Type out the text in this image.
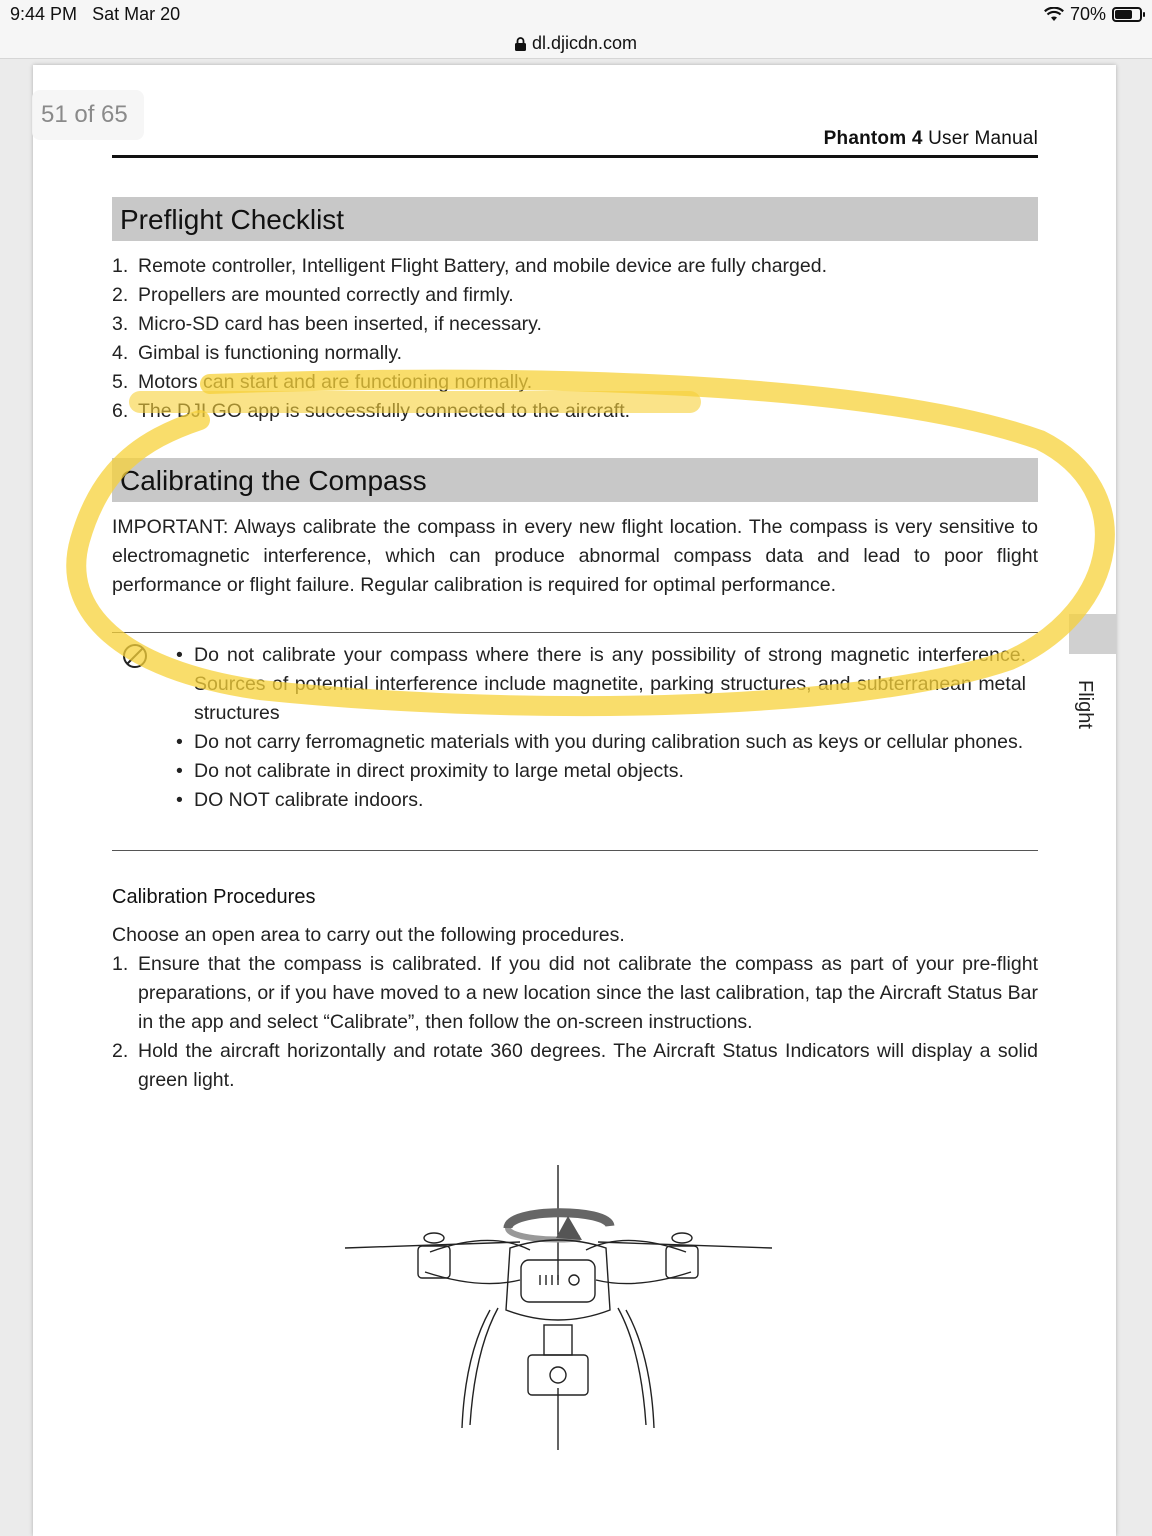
9:44 PM Sat Mar 20	70%
dl.djicdn.com
51 of 65
Phantom 4 User Manual
Preflight Checklist
1. Remote controller, Intelligent Flight Battery, and mobile device are fully charged.
2. Propellers are mounted correctly and firmly.
3. Micro-SD card has been inserted, if necessary.
4. Gimbal is functioning normally.
5. Motors can start and are functioning normally.
6. The DJI GO app is successfully connected to the aircraft.
Calibrating the Compass
IMPORTANT: Always calibrate the compass in every new flight location. The compass is very sensitive to electromagnetic interference, which can produce abnormal compass data and lead to poor flight performance or flight failure. Regular calibration is required for optimal performance.
• Do not calibrate your compass where there is any possibility of strong magnetic interference. Sources of potential interference include magnetite, parking structures, and subterranean metal structures
• Do not carry ferromagnetic materials with you during calibration such as keys or cellular phones.
• Do not calibrate in direct proximity to large metal objects.
• DO NOT calibrate indoors.
Calibration Procedures
Choose an open area to carry out the following procedures.
1. Ensure that the compass is calibrated. If you did not calibrate the compass as part of your pre-flight preparations, or if you have moved to a new location since the last calibration, tap the Aircraft Status Bar in the app and select “Calibrate”, then follow the on-screen instructions.
2. Hold the aircraft horizontally and rotate 360 degrees. The Aircraft Status Indicators will display a solid green light.
Flight
